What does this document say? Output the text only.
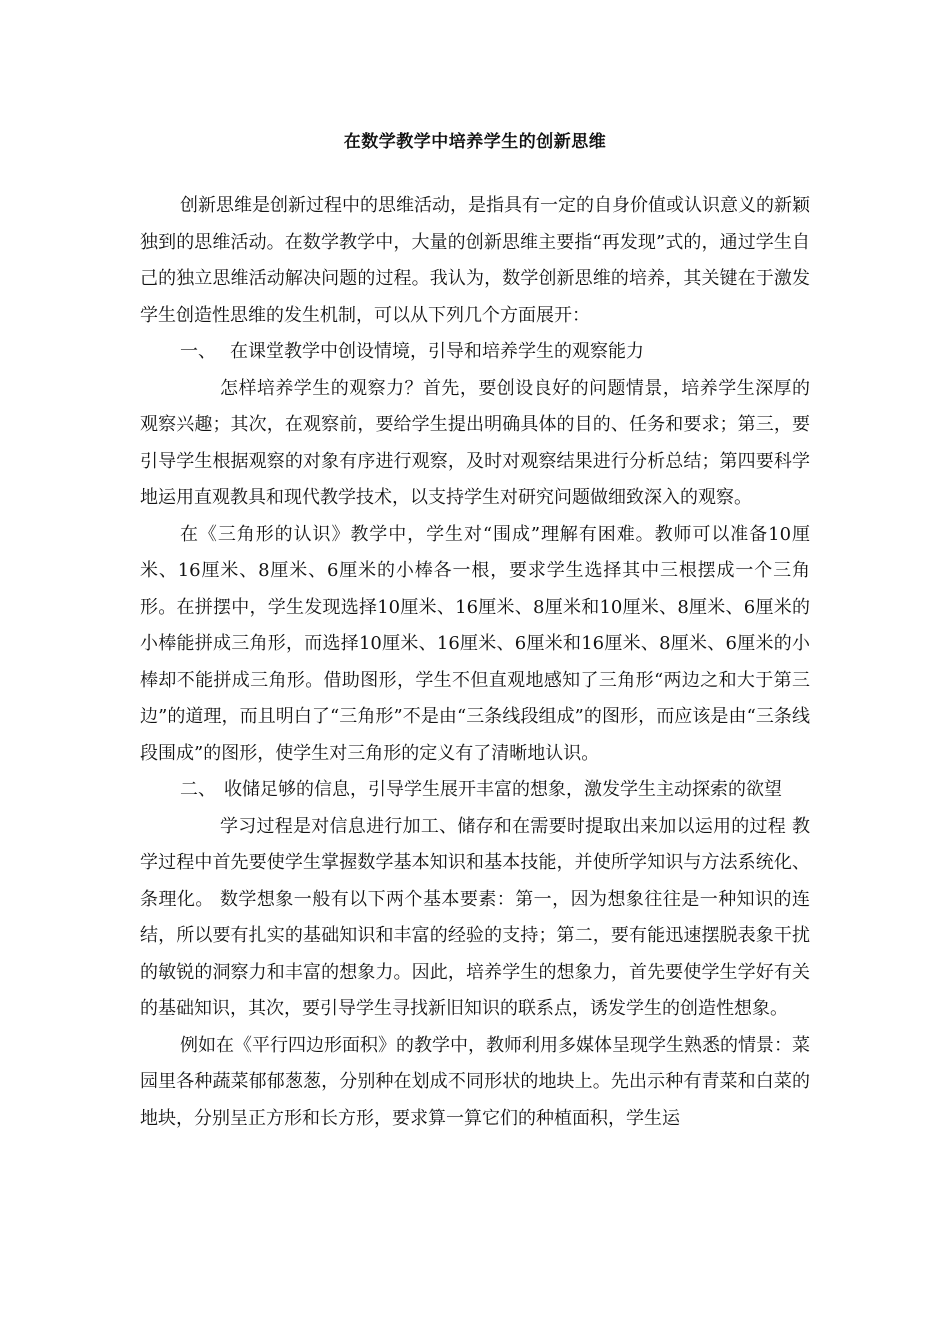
在数学教学中培养学生的创新思维

创新思维是创新过程中的思维活动，是指具有一定的自身价值或认识意义的新颖独到的思维活动。在数学教学中，大量的创新思维主要指“再发现”式的，通过学生自己的独立思维活动解决问题的过程。我认为，数学创新思维的培养，其关键在于激发学生创造性思维的发生机制，可以从下列几个方面展开：

一、 在课堂教学中创设情境，引导和培养学生的观察能力

怎样培养学生的观察力？首先，要创设良好的问题情景，培养学生深厚的观察兴趣；其次，在观察前，要给学生提出明确具体的目的、任务和要求；第三，要引导学生根据观察的对象有序进行观察，及时对观察结果进行分析总结；第四要科学地运用直观教具和现代教学技术，以支持学生对研究问题做细致深入的观察。

在《三角形的认识》教学中，学生对“围成”理解有困难。教师可以准备10厘米、16厘米、8厘米、6厘米的小棒各一根，要求学生选择其中三根摆成一个三角形。在拼摆中，学生发现选择10厘米、16厘米、8厘米和10厘米、8厘米、6厘米的小棒能拼成三角形，而选择10厘米、16厘米、6厘米和16厘米、8厘米、6厘米的小棒却不能拼成三角形。借助图形，学生不但直观地感知了三角形“两边之和大于第三边”的道理，而且明白了“三角形”不是由“三条线段组成”的图形，而应该是由“三条线段围成”的图形，使学生对三角形的定义有了清晰地认识。

二、 收储足够的信息，引导学生展开丰富的想象，激发学生主动探索的欲望

学习过程是对信息进行加工、储存和在需要时提取出来加以运用的过程 教学过程中首先要使学生掌握数学基本知识和基本技能，并使所学知识与方法系统化、条理化。 数学想象一般有以下两个基本要素：第一，因为想象往往是一种知识的连结，所以要有扎实的基础知识和丰富的经验的支持；第二，要有能迅速摆脱表象干扰的敏锐的洞察力和丰富的想象力。因此，培养学生的想象力，首先要使学生学好有关的基础知识，其次，要引导学生寻找新旧知识的联系点，诱发学生的创造性想象。

例如在《平行四边形面积》的教学中，教师利用多媒体呈现学生熟悉的情景：菜园里各种蔬菜郁郁葱葱，分别种在划成不同形状的地块上。先出示种有青菜和白菜的地块，分别呈正方形和长方形，要求算一算它们的种植面积，学生运
